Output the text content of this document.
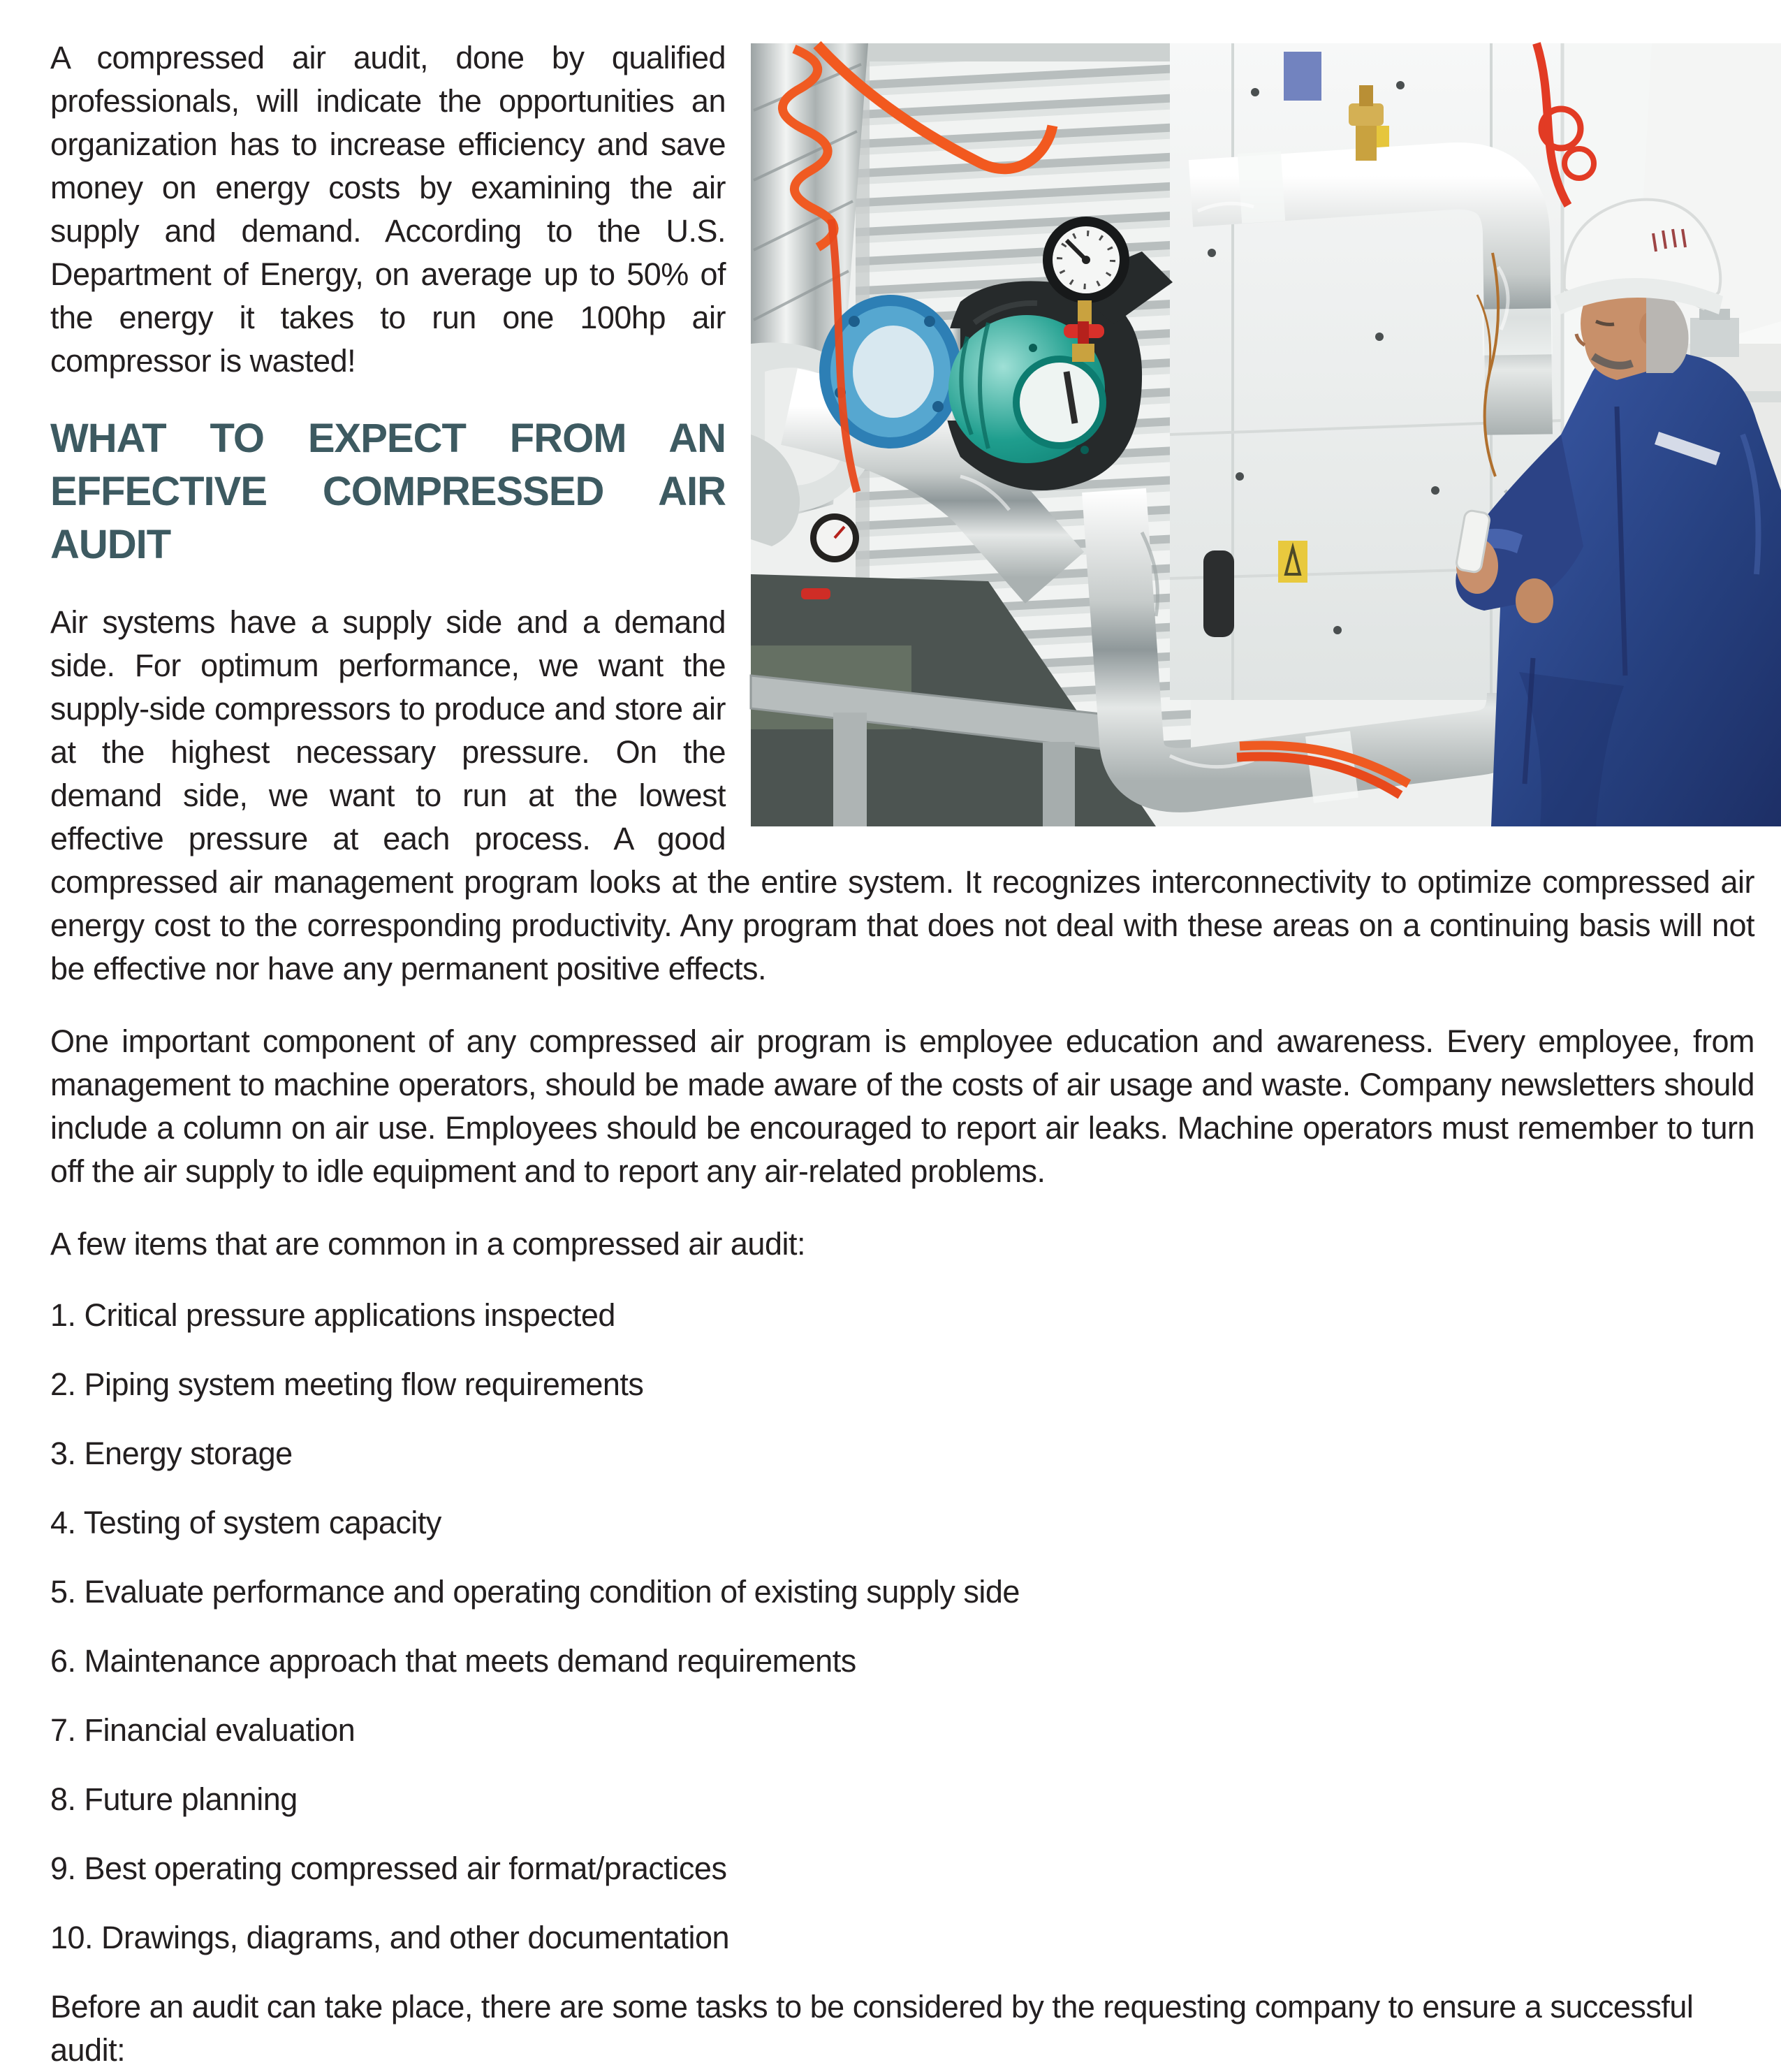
A compressed air audit, done by qualified professionals, will indicate the opportunities an organization has to increase efficiency and save money on energy costs by examining the air supply and demand. According to the U.S. Department of Energy, on average up to 50% of the energy it takes to run one 100hp air compressor is wasted!

WHAT TO EXPECT FROM AN EFFECTIVE COMPRESSED AIR AUDIT

Air systems have a supply side and a demand side. For optimum performance, we want the supply-side compressors to produce and store air at the highest necessary pressure. On the demand side, we want to run at the lowest effective pressure at each process. A good compressed air management program looks at the entire system. It recognizes interconnectivity to optimize compressed air energy cost to the corresponding productivity. Any program that does not deal with these areas on a continuing basis will not be effective nor have any permanent positive effects.

One important component of any compressed air program is employee education and awareness. Every employee, from management to machine operators, should be made aware of the costs of air usage and waste. Company newsletters should include a column on air use. Employees should be encouraged to report air leaks. Machine operators must remember to turn off the air supply to idle equipment and to report any air-related problems.

A few items that are common in a compressed air audit:

1. Critical pressure applications inspected

2. Piping system meeting flow requirements

3. Energy storage

4. Testing of system capacity

5. Evaluate performance and operating condition of existing supply side

6. Maintenance approach that meets demand requirements

7. Financial evaluation

8. Future planning

9. Best operating compressed air format/practices

10. Drawings, diagrams, and other documentation

Before an audit can take place, there are some tasks to be considered by the requesting company to ensure a successful audit:
